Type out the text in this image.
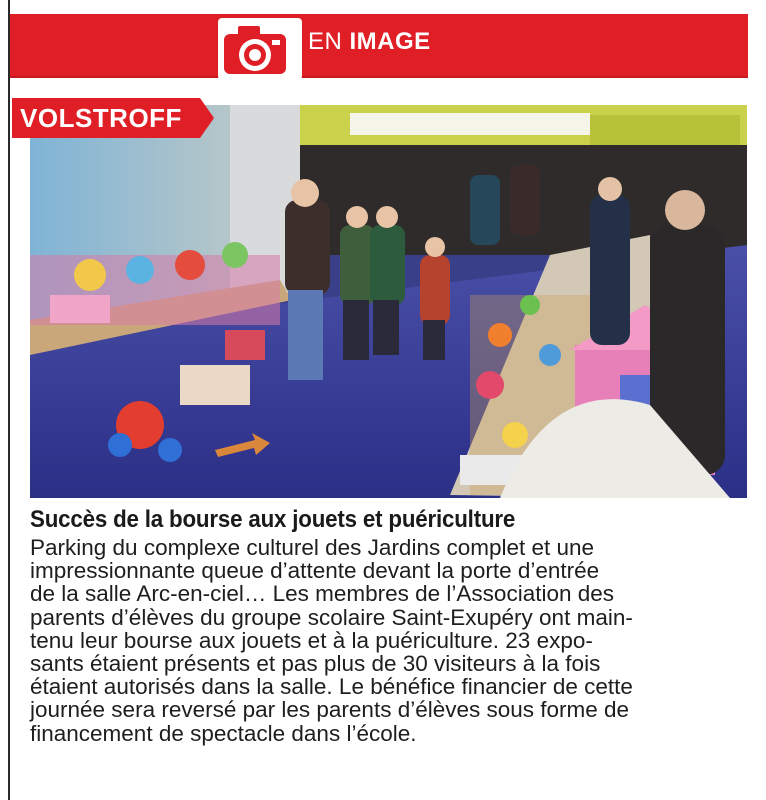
EN IMAGE
VOLSTROFF
Succès de la bourse aux jouets et puériculture
Parking du complexe culturel des Jardins complet et une
impressionnante queue d’attente devant la porte d’entrée
de la salle Arc-en-ciel… Les membres de l’Association des
parents d’élèves du groupe scolaire Saint-Exupéry ont main-
tenu leur bourse aux jouets et à la puériculture. 23 expo-
sants étaient présents et pas plus de 30 visiteurs à la fois
étaient autorisés dans la salle. Le bénéfice financier de cette
journée sera reversé par les parents d’élèves sous forme de
financement de spectacle dans l’école.
